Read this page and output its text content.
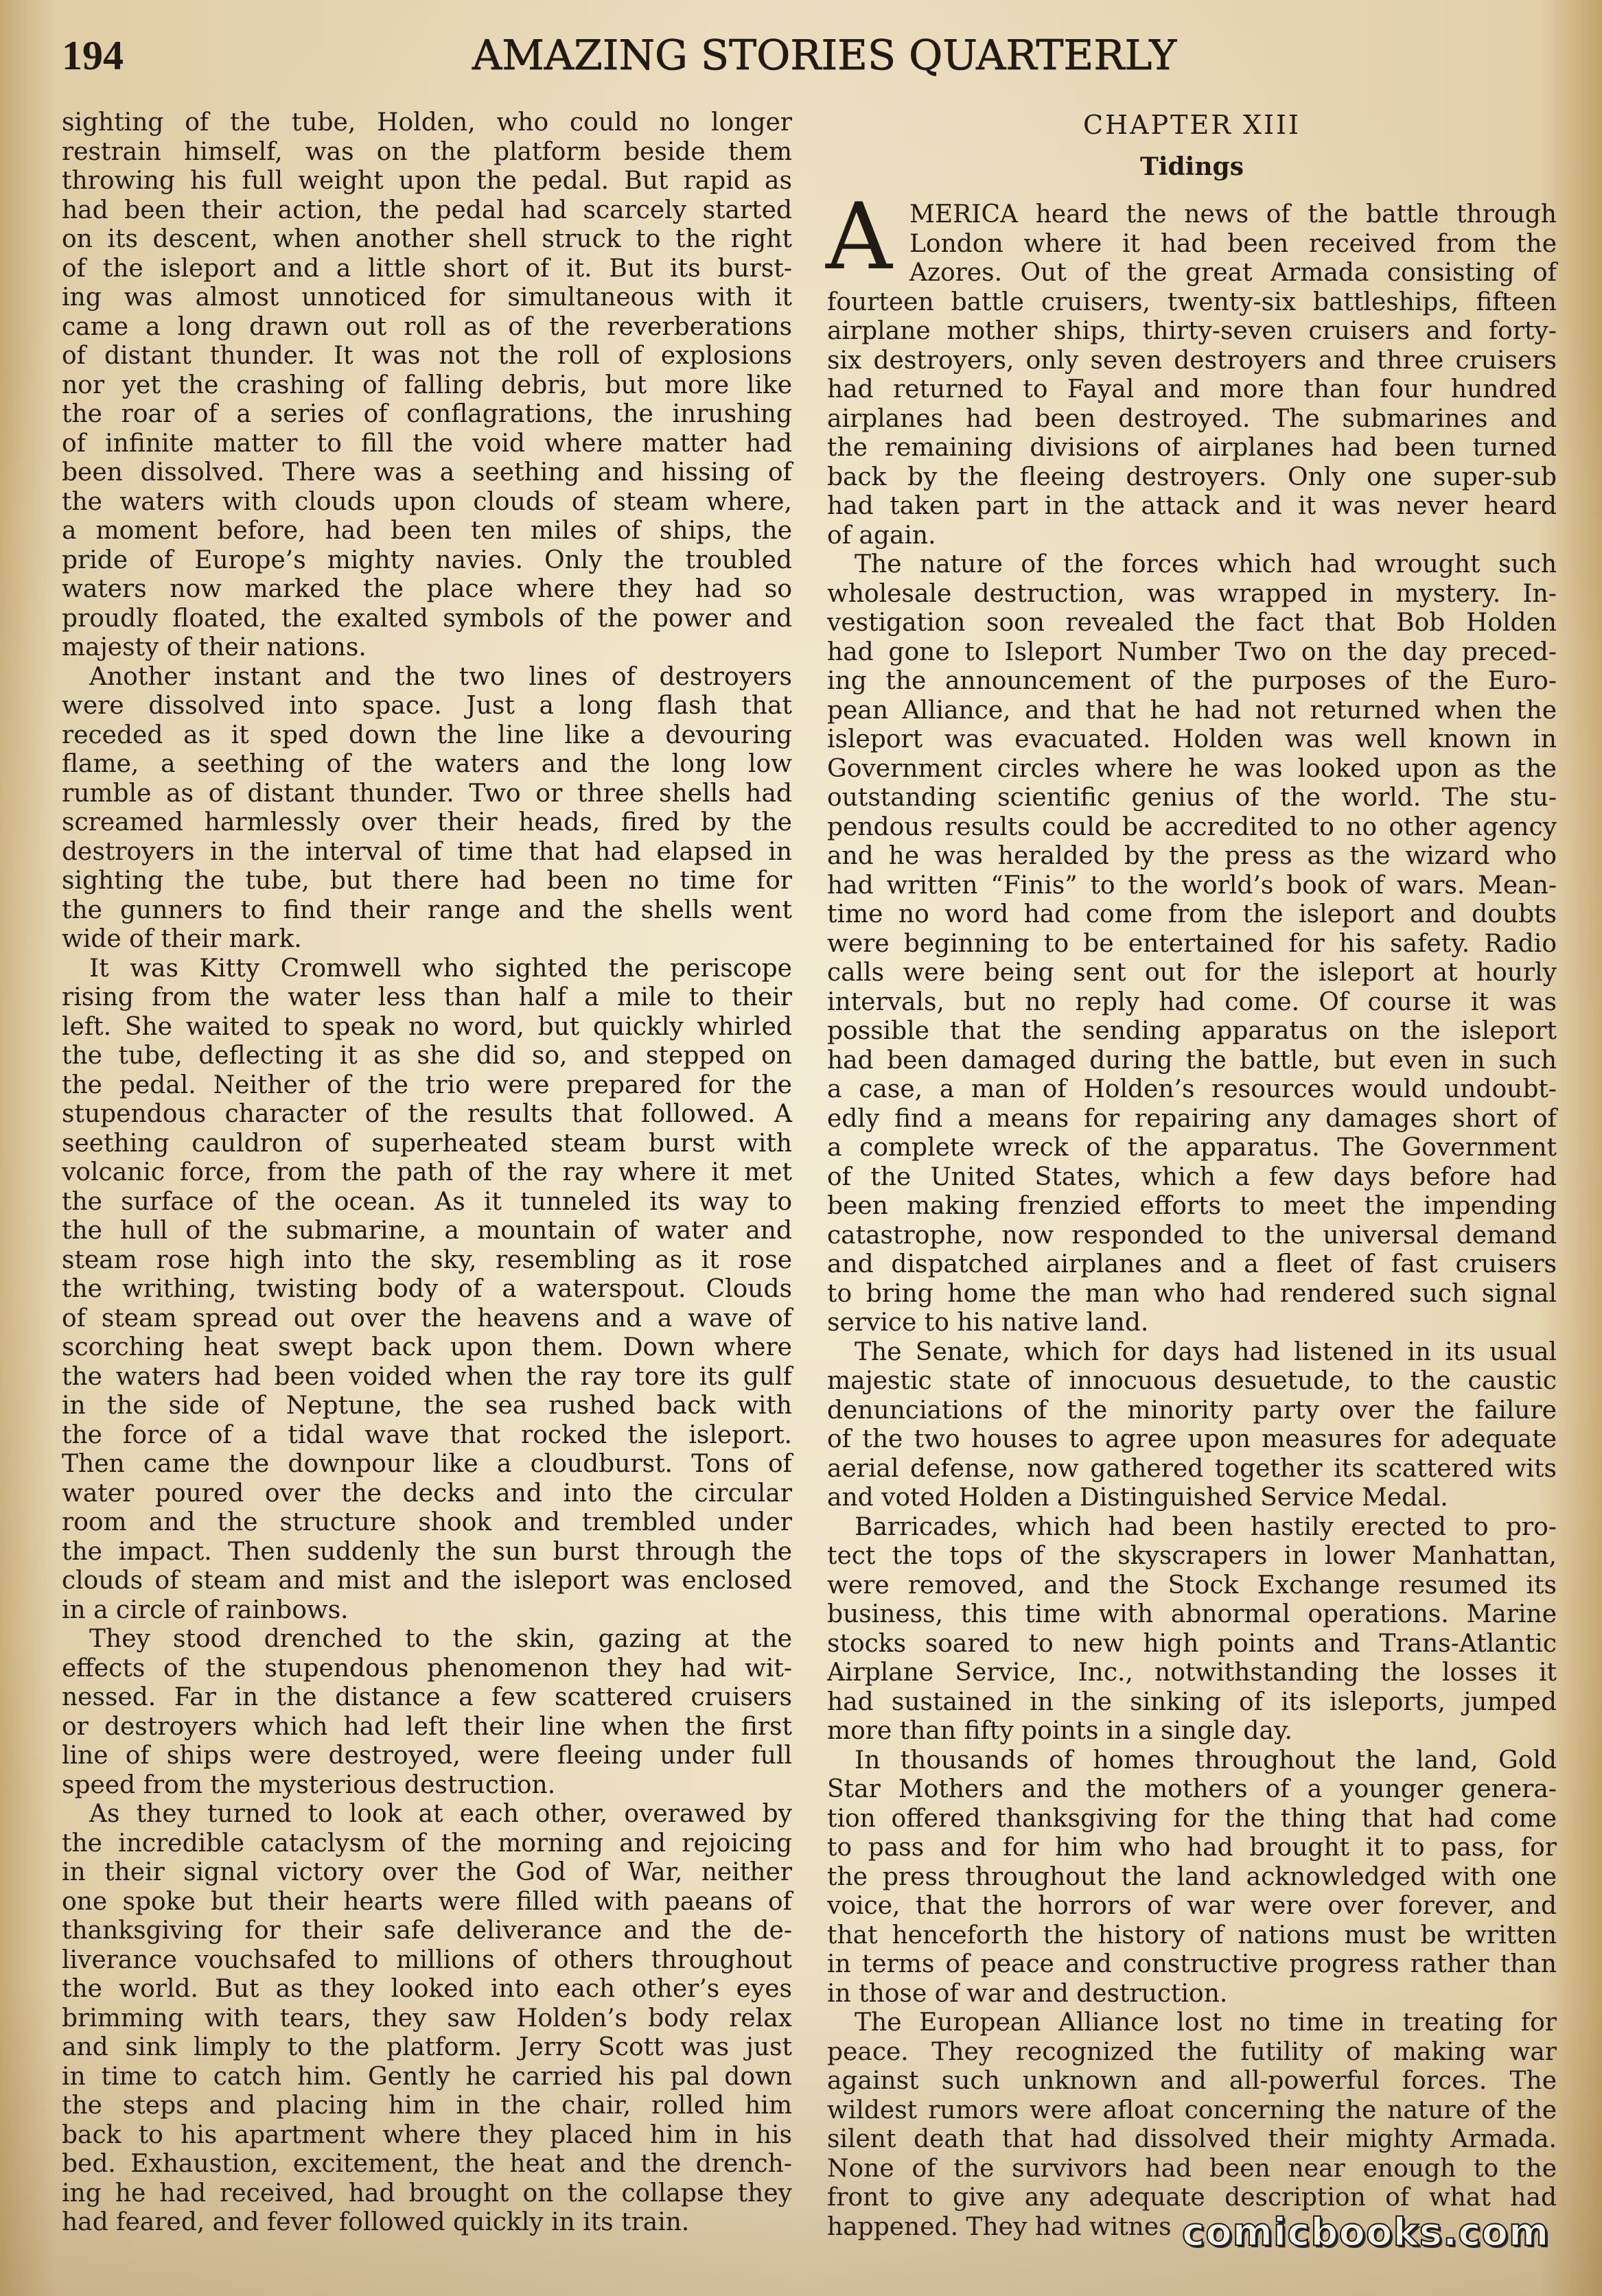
194	AMAZING STORIES QUARTERLY
sighting of the tube, Holden, who could no longer
restrain himself, was on the platform beside them
throwing his full weight upon the pedal. But rapid as
had been their action, the pedal had scarcely started
on its descent, when another shell struck to the right
of the isleport and a little short of it. But its burst-
ing was almost unnoticed for simultaneous with it
came a long drawn out roll as of the reverberations
of distant thunder. It was not the roll of explosions
nor yet the crashing of falling debris, but more like
the roar of a series of conflagrations, the inrushing
of infinite matter to fill the void where matter had
been dissolved. There was a seething and hissing of
the waters with clouds upon clouds of steam where,
a moment before, had been ten miles of ships, the
pride of Europe’s mighty navies. Only the troubled
waters now marked the place where they had so
proudly floated, the exalted symbols of the power and
majesty of their nations.
Another instant and the two lines of destroyers
were dissolved into space. Just a long flash that
receded as it sped down the line like a devouring
flame, a seething of the waters and the long low
rumble as of distant thunder. Two or three shells had
screamed harmlessly over their heads, fired by the
destroyers in the interval of time that had elapsed in
sighting the tube, but there had been no time for
the gunners to find their range and the shells went
wide of their mark.
It was Kitty Cromwell who sighted the periscope
rising from the water less than half a mile to their
left. She waited to speak no word, but quickly whirled
the tube, deflecting it as she did so, and stepped on
the pedal. Neither of the trio were prepared for the
stupendous character of the results that followed. A
seething cauldron of superheated steam burst with
volcanic force, from the path of the ray where it met
the surface of the ocean. As it tunneled its way to
the hull of the submarine, a mountain of water and
steam rose high into the sky, resembling as it rose
the writhing, twisting body of a waterspout. Clouds
of steam spread out over the heavens and a wave of
scorching heat swept back upon them. Down where
the waters had been voided when the ray tore its gulf
in the side of Neptune, the sea rushed back with
the force of a tidal wave that rocked the isleport.
Then came the downpour like a cloudburst. Tons of
water poured over the decks and into the circular
room and the structure shook and trembled under
the impact. Then suddenly the sun burst through the
clouds of steam and mist and the isleport was enclosed
in a circle of rainbows.
They stood drenched to the skin, gazing at the
effects of the stupendous phenomenon they had wit-
nessed. Far in the distance a few scattered cruisers
or destroyers which had left their line when the first
line of ships were destroyed, were fleeing under full
speed from the mysterious destruction.
As they turned to look at each other, overawed by
the incredible cataclysm of the morning and rejoicing
in their signal victory over the God of War, neither
one spoke but their hearts were filled with paeans of
thanksgiving for their safe deliverance and the de-
liverance vouchsafed to millions of others throughout
the world. But as they looked into each other’s eyes
brimming with tears, they saw Holden’s body relax
and sink limply to the platform. Jerry Scott was just
in time to catch him. Gently he carried his pal down
the steps and placing him in the chair, rolled him
back to his apartment where they placed him in his
bed. Exhaustion, excitement, the heat and the drench-
ing he had received, had brought on the collapse they
had feared, and fever followed quickly in its train.
CHAPTER XIII
Tidings
A MERICA heard the news of the battle through
London where it had been received from the
Azores. Out of the great Armada consisting of
fourteen battle cruisers, twenty-six battleships, fifteen
airplane mother ships, thirty-seven cruisers and forty-
six destroyers, only seven destroyers and three cruisers
had returned to Fayal and more than four hundred
airplanes had been destroyed. The submarines and
the remaining divisions of airplanes had been turned
back by the fleeing destroyers. Only one super-sub
had taken part in the attack and it was never heard
of again.
The nature of the forces which had wrought such
wholesale destruction, was wrapped in mystery. In-
vestigation soon revealed the fact that Bob Holden
had gone to Isleport Number Two on the day preced-
ing the announcement of the purposes of the Euro-
pean Alliance, and that he had not returned when the
isleport was evacuated. Holden was well known in
Government circles where he was looked upon as the
outstanding scientific genius of the world. The stu-
pendous results could be accredited to no other agency
and he was heralded by the press as the wizard who
had written “Finis” to the world’s book of wars. Mean-
time no word had come from the isleport and doubts
were beginning to be entertained for his safety. Radio
calls were being sent out for the isleport at hourly
intervals, but no reply had come. Of course it was
possible that the sending apparatus on the isleport
had been damaged during the battle, but even in such
a case, a man of Holden’s resources would undoubt-
edly find a means for repairing any damages short of
a complete wreck of the apparatus. The Government
of the United States, which a few days before had
been making frenzied efforts to meet the impending
catastrophe, now responded to the universal demand
and dispatched airplanes and a fleet of fast cruisers
to bring home the man who had rendered such signal
service to his native land.
The Senate, which for days had listened in its usual
majestic state of innocuous desuetude, to the caustic
denunciations of the minority party over the failure
of the two houses to agree upon measures for adequate
aerial defense, now gathered together its scattered wits
and voted Holden a Distinguished Service Medal.
Barricades, which had been hastily erected to pro-
tect the tops of the skyscrapers in lower Manhattan,
were removed, and the Stock Exchange resumed its
business, this time with abnormal operations. Marine
stocks soared to new high points and Trans-Atlantic
Airplane Service, Inc., notwithstanding the losses it
had sustained in the sinking of its isleports, jumped
more than fifty points in a single day.
In thousands of homes throughout the land, Gold
Star Mothers and the mothers of a younger genera-
tion offered thanksgiving for the thing that had come
to pass and for him who had brought it to pass, for
the press throughout the land acknowledged with one
voice, that the horrors of war were over forever, and
that henceforth the history of nations must be written
in terms of peace and constructive progress rather than
in those of war and destruction.
The European Alliance lost no time in treating for
peace. They recognized the futility of making war
against such unknown and all-powerful forces. The
wildest rumors were afloat concerning the nature of the
silent death that had dissolved their mighty Armada.
None of the survivors had been near enough to the
front to give any adequate description of what had
happened. They had witnes comicbooks.com
